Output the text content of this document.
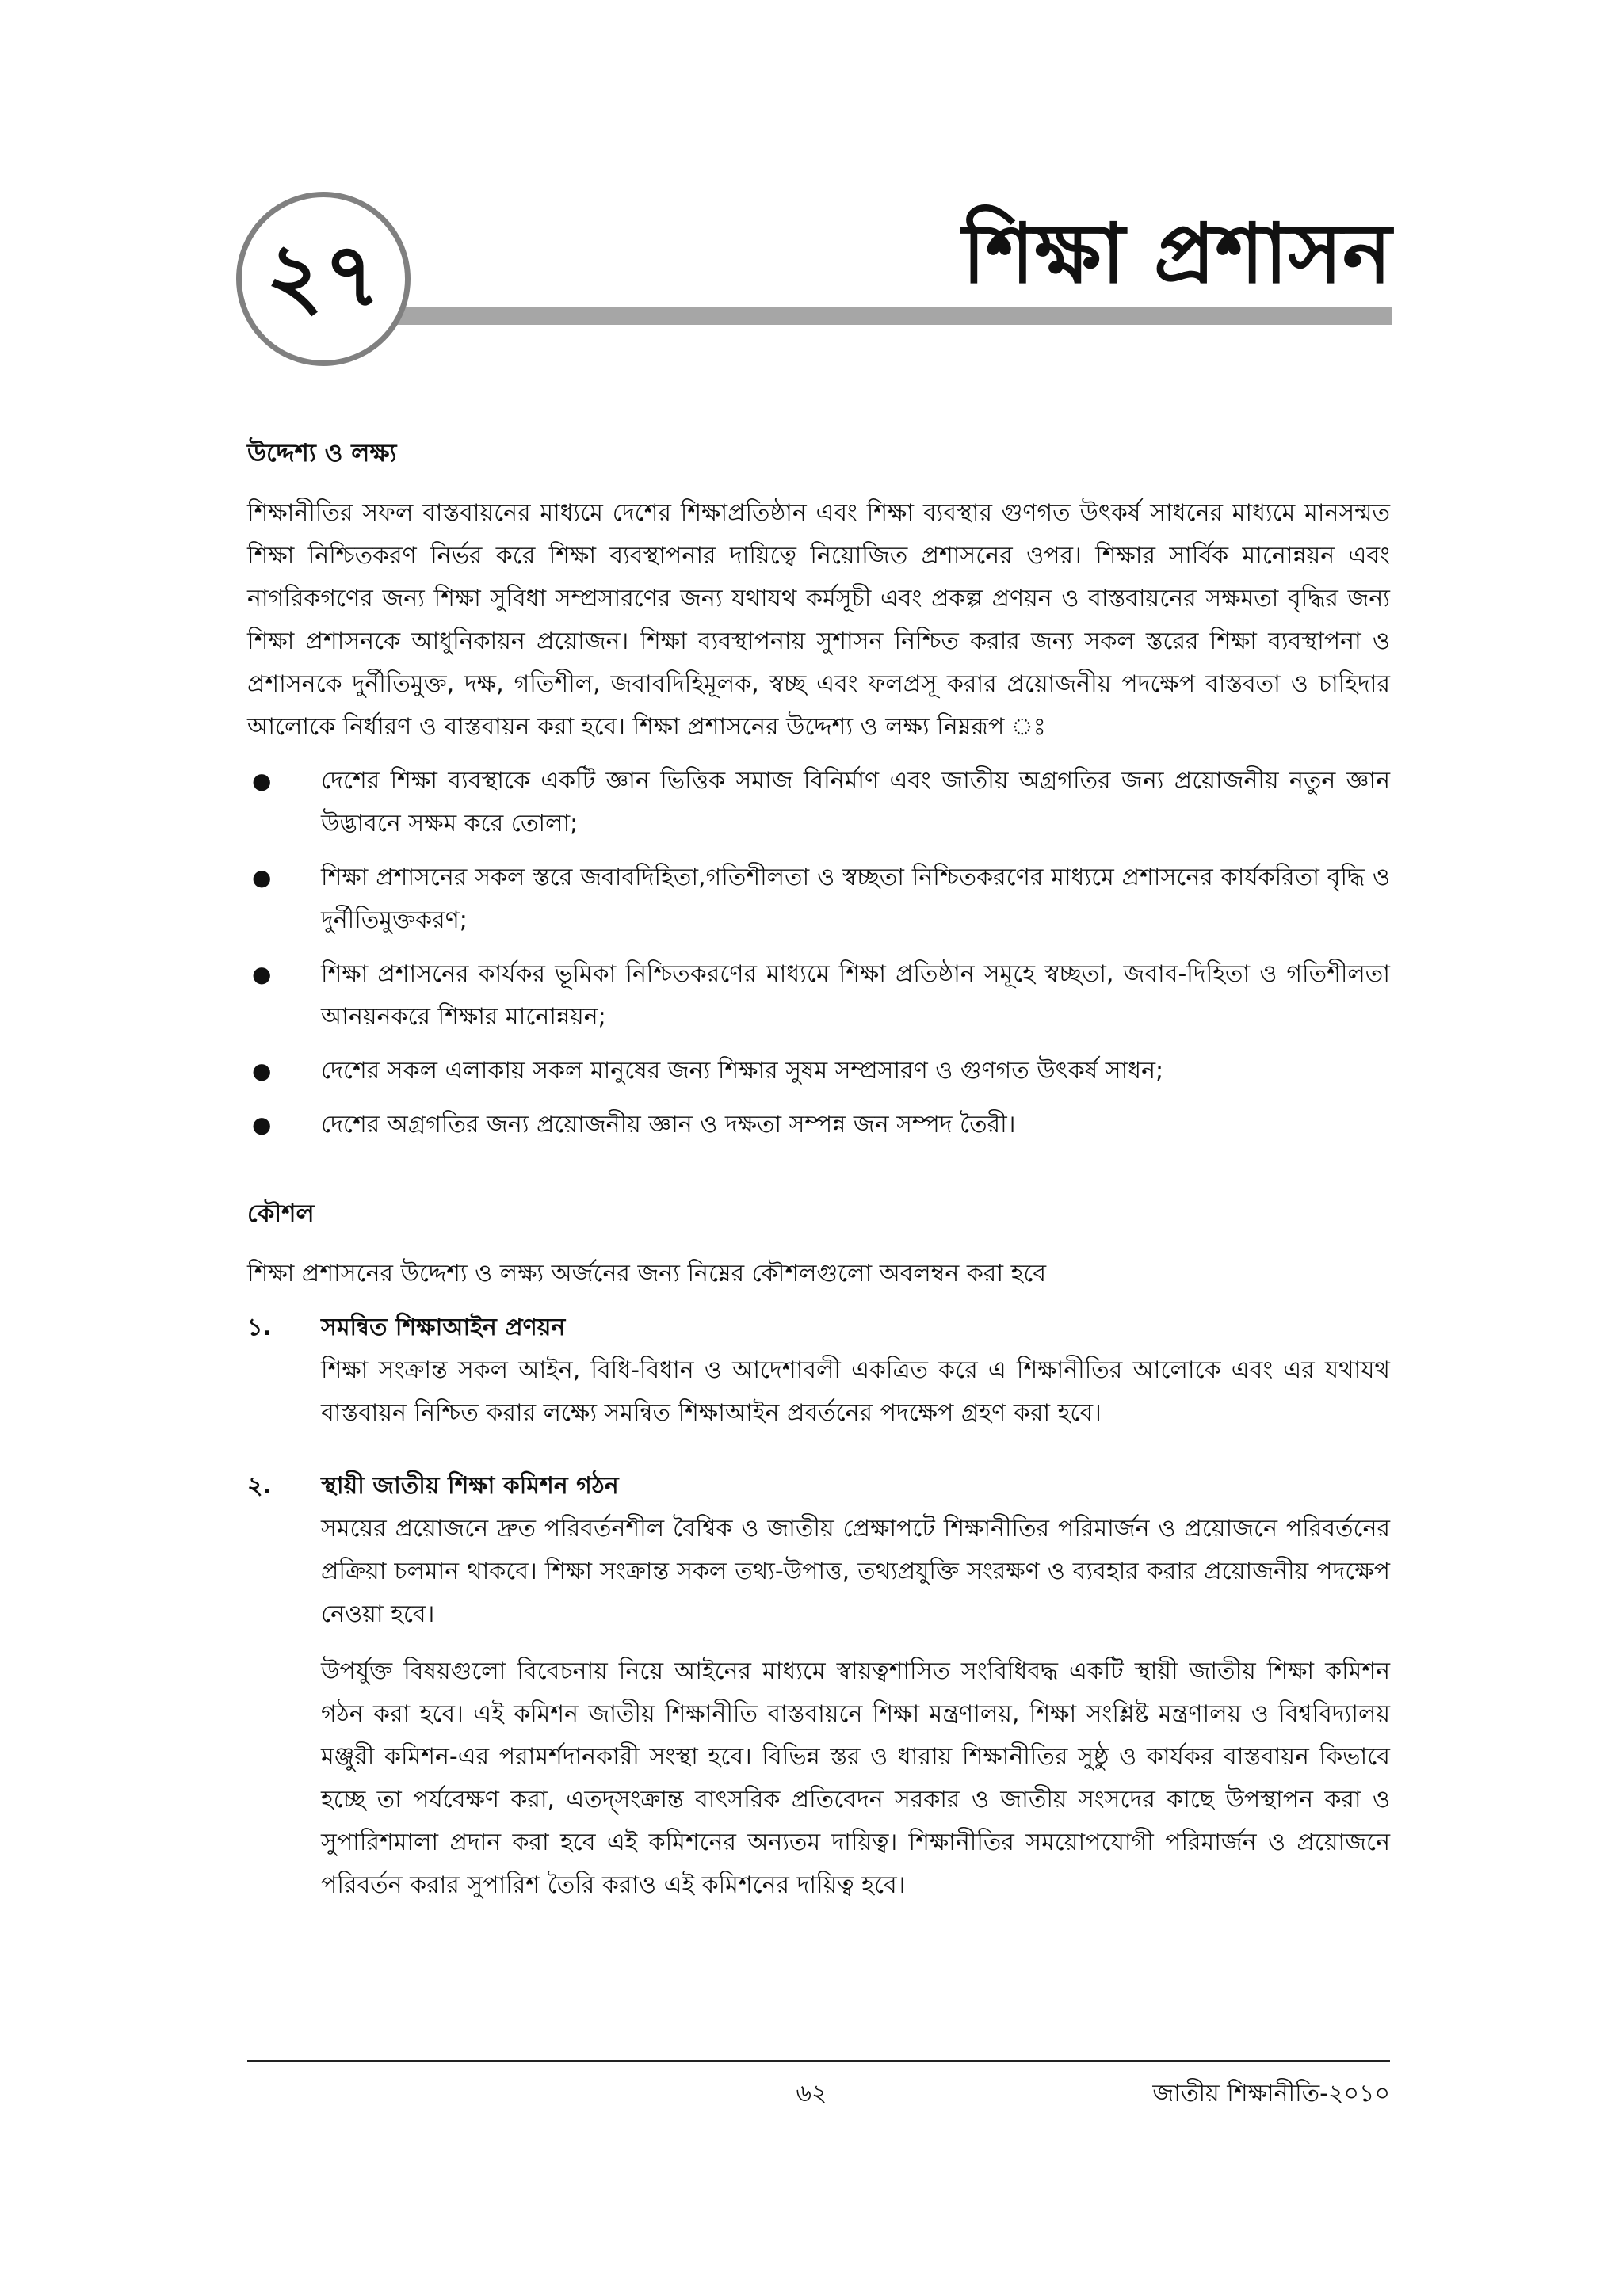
২৭	শিক্ষা প্রশাসন
উদ্দেশ্য ও লক্ষ্য

শিক্ষানীতির সফল বাস্তবায়নের মাধ্যমে দেশের শিক্ষাপ্রতিষ্ঠান এবং শিক্ষা ব্যবস্থার গুণগত উৎকর্ষ সাধনের মাধ্যমে মানসম্মত শিক্ষা নিশ্চিতকরণ নির্ভর করে শিক্ষা ব্যবস্থাপনার দায়িত্বে নিয়োজিত প্রশাসনের ওপর। শিক্ষার সার্বিক মানোন্নয়ন এবং নাগরিকগণের জন্য শিক্ষা সুবিধা সম্প্রসারণের জন্য যথাযথ কর্মসূচী এবং প্রকল্প প্রণয়ন ও বাস্তবায়নের সক্ষমতা বৃদ্ধির জন্য শিক্ষা প্রশাসনকে আধুনিকায়ন প্রয়োজন। শিক্ষা ব্যবস্থাপনায় সুশাসন নিশ্চিত করার জন্য সকল স্তরের শিক্ষা ব্যবস্থাপনা ও প্রশাসনকে দুর্নীতিমুক্ত, দক্ষ, গতিশীল, জবাবদিহিমূলক, স্বচ্ছ এবং ফলপ্রসূ করার প্রয়োজনীয় পদক্ষেপ বাস্তবতা ও চাহিদার আলোকে নির্ধারণ ও বাস্তবায়ন করা হবে। শিক্ষা প্রশাসনের উদ্দেশ্য ও লক্ষ্য নিম্নরূপ ঃ

● দেশের শিক্ষা ব্যবস্থাকে একটি জ্ঞান ভিত্তিক সমাজ বিনির্মাণ এবং জাতীয় অগ্রগতির জন্য প্রয়োজনীয় নতুন জ্ঞান উদ্ভাবনে সক্ষম করে তোলা;
● শিক্ষা প্রশাসনের সকল স্তরে জবাবদিহিতা,গতিশীলতা ও স্বচ্ছতা নিশ্চিতকরণের মাধ্যমে প্রশাসনের কার্যকরিতা বৃদ্ধি ও দুর্নীতিমুক্তকরণ;
● শিক্ষা প্রশাসনের কার্যকর ভূমিকা নিশ্চিতকরণের মাধ্যমে শিক্ষা প্রতিষ্ঠান সমূহে স্বচ্ছতা, জবাব-দিহিতা ও গতিশীলতা আনয়নকরে শিক্ষার মানোন্নয়ন;
● দেশের সকল এলাকায় সকল মানুষের জন্য শিক্ষার সুষম সম্প্রসারণ ও গুণগত উৎকর্ষ সাধন;
● দেশের অগ্রগতির জন্য প্রয়োজনীয় জ্ঞান ও দক্ষতা সম্পন্ন জন সম্পদ তৈরী।
কৌশল

শিক্ষা প্রশাসনের উদ্দেশ্য ও লক্ষ্য অর্জনের জন্য নিম্নের কৌশলগুলো অবলম্বন করা হবে

১. সমন্বিত শিক্ষাআইন প্রণয়ন

শিক্ষা সংক্রান্ত সকল আইন, বিধি-বিধান ও আদেশাবলী একত্রিত করে এ শিক্ষানীতির আলোকে এবং এর যথাযথ বাস্তবায়ন নিশ্চিত করার লক্ষ্যে সমন্বিত শিক্ষাআইন প্রবর্তনের পদক্ষেপ গ্রহণ করা হবে।

২. স্থায়ী জাতীয় শিক্ষা কমিশন গঠন

সময়ের প্রয়োজনে দ্রুত পরিবর্তনশীল বৈশ্বিক ও জাতীয় প্রেক্ষাপটে শিক্ষানীতির পরিমার্জন ও প্রয়োজনে পরিবর্তনের প্রক্রিয়া চলমান থাকবে। শিক্ষা সংক্রান্ত সকল তথ্য-উপাত্ত, তথ্যপ্রযুক্তি সংরক্ষণ ও ব্যবহার করার প্রয়োজনীয় পদক্ষেপ নেওয়া হবে।

উপর্যুক্ত বিষয়গুলো বিবেচনায় নিয়ে আইনের মাধ্যমে স্বায়ত্বশাসিত সংবিধিবদ্ধ একটি স্থায়ী জাতীয় শিক্ষা কমিশন গঠন করা হবে। এই কমিশন জাতীয় শিক্ষানীতি বাস্তবায়নে শিক্ষা মন্ত্রণালয়, শিক্ষা সংশ্লিষ্ট মন্ত্রণালয় ও বিশ্ববিদ্যালয় মঞ্জুরী কমিশন-এর পরামর্শদানকারী সংস্থা হবে। বিভিন্ন স্তর ও ধারায় শিক্ষানীতির সুষ্ঠু ও কার্যকর বাস্তবায়ন কিভাবে হচ্ছে তা পর্যবেক্ষণ করা, এতদ্‌সংক্রান্ত বাৎসরিক প্রতিবেদন সরকার ও জাতীয় সংসদের কাছে উপস্থাপন করা ও সুপারিশমালা প্রদান করা হবে এই কমিশনের অন্যতম দায়িত্ব। শিক্ষানীতির সময়োপযোগী পরিমার্জন ও প্রয়োজনে পরিবর্তন করার সুপারিশ তৈরি করাও এই কমিশনের দায়িত্ব হবে।

৬২	জাতীয় শিক্ষানীতি-২০১০
